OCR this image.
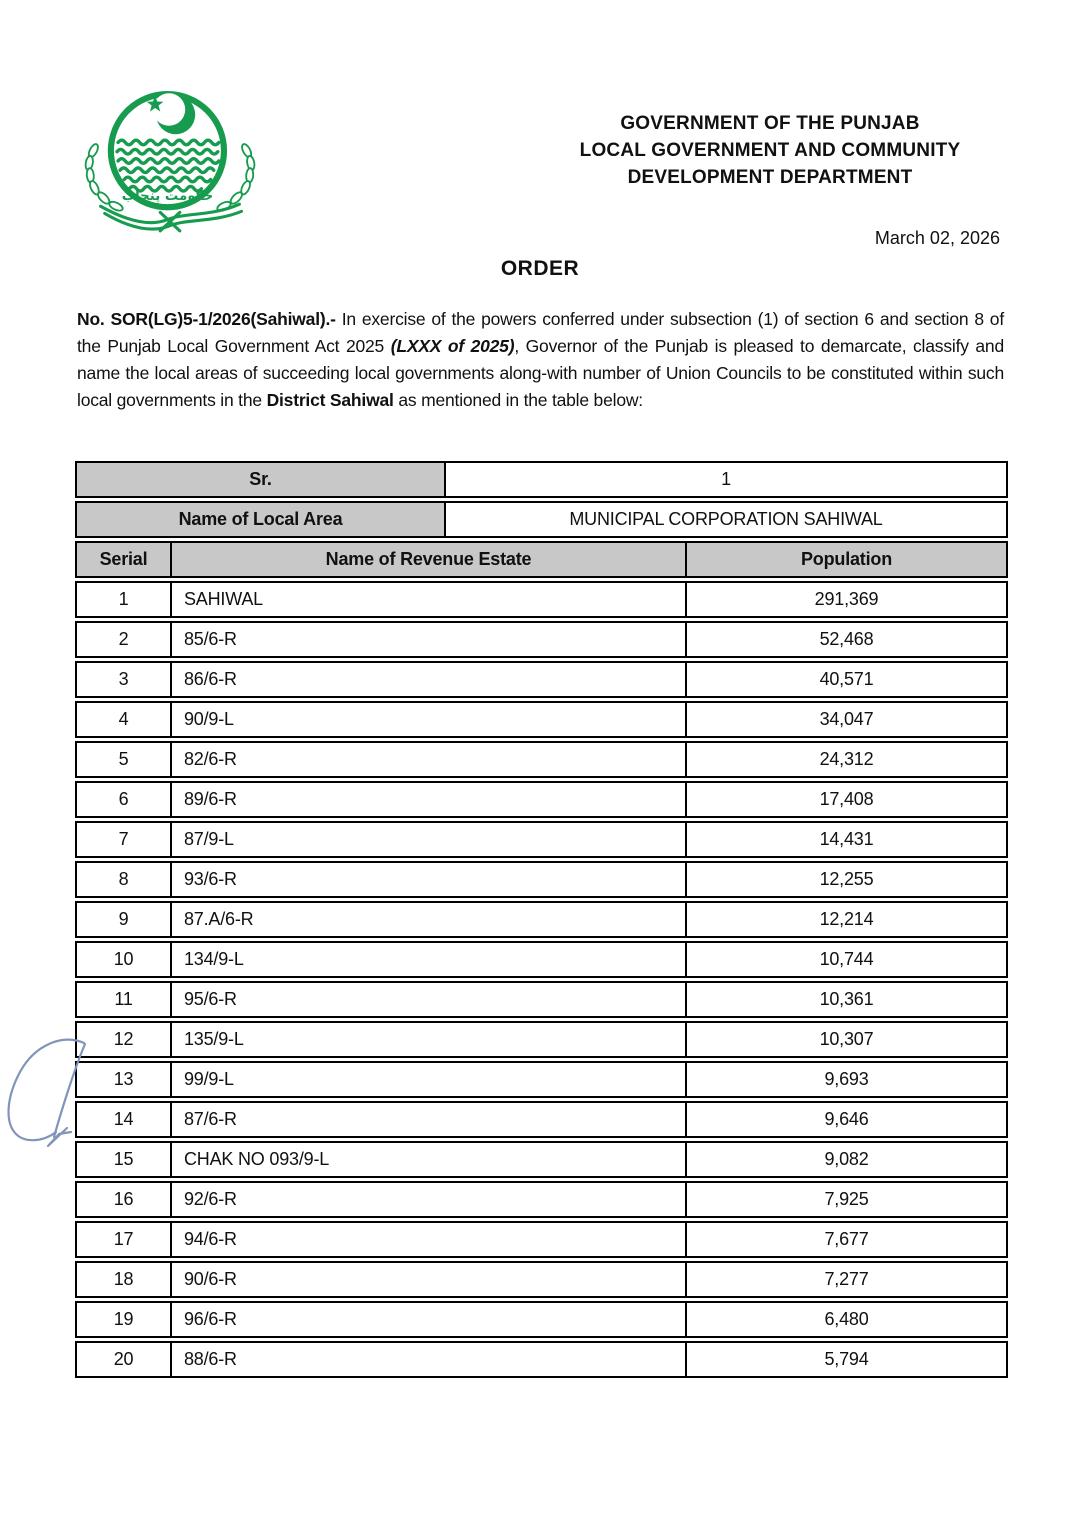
حکومت پنجاب
GOVERNMENT OF THE PUNJAB
LOCAL GOVERNMENT AND COMMUNITY
DEVELOPMENT DEPARTMENT
March 02, 2026
ORDER

No. SOR(LG)5-1/2026(Sahiwal).- In exercise of the powers conferred under subsection (1) of section 6 and section 8 of the Punjab Local Government Act 2025 (LXXX of 2025), Governor of the Punjab is pleased to demarcate, classify and name the local areas of succeeding local governments along-with number of Union Councils to be constituted within such local governments in the District Sahiwal as mentioned in the table below:

Sr.	1
Name of Local Area	MUNICIPAL CORPORATION SAHIWAL
Serial	Name of Revenue Estate	Population
1	SAHIWAL	291,369
2	85/6-R	52,468
3	86/6-R	40,571
4	90/9-L	34,047
5	82/6-R	24,312
6	89/6-R	17,408
7	87/9-L	14,431
8	93/6-R	12,255
9	87.A/6-R	12,214
10	134/9-L	10,744
11	95/6-R	10,361
12	135/9-L	10,307
13	99/9-L	9,693
14	87/6-R	9,646
15	CHAK NO 093/9-L	9,082
16	92/6-R	7,925
17	94/6-R	7,677
18	90/6-R	7,277
19	96/6-R	6,480
20	88/6-R	5,794
